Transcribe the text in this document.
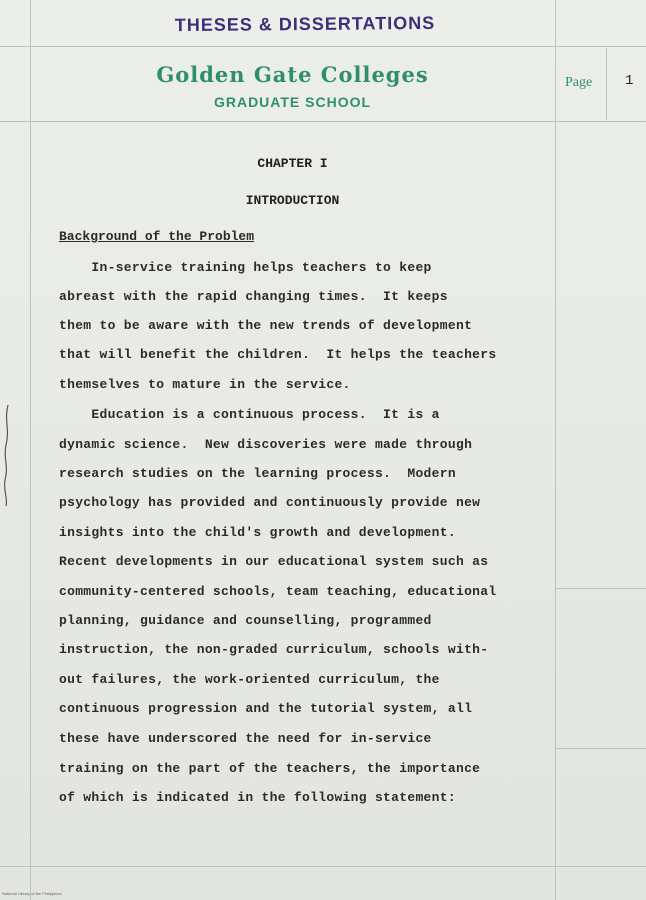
THESES & DISSERTATIONS
Golden Gate Colleges
GRADUATE SCHOOL
Page 1
CHAPTER I
INTRODUCTION
Background of the Problem
In-service training helps teachers to keep
abreast with the rapid changing times.  It keeps
them to be aware with the new trends of development
that will benefit the children.  It helps the teachers
themselves to mature in the service.
Education is a continuous process.  It is a
dynamic science.  New discoveries were made through
research studies on the learning process.  Modern
psychology has provided and continuously provide new
insights into the child's growth and development.
Recent developments in our educational system such as
community-centered schools, team teaching, educational
planning, guidance and counselling, programmed
instruction, the non-graded curriculum, schools with-
out failures, the work-oriented curriculum, the
continuous progression and the tutorial system, all
these have underscored the need for in-service
training on the part of the teachers, the importance
of which is indicated in the following statement:
National Library of the Philippines
